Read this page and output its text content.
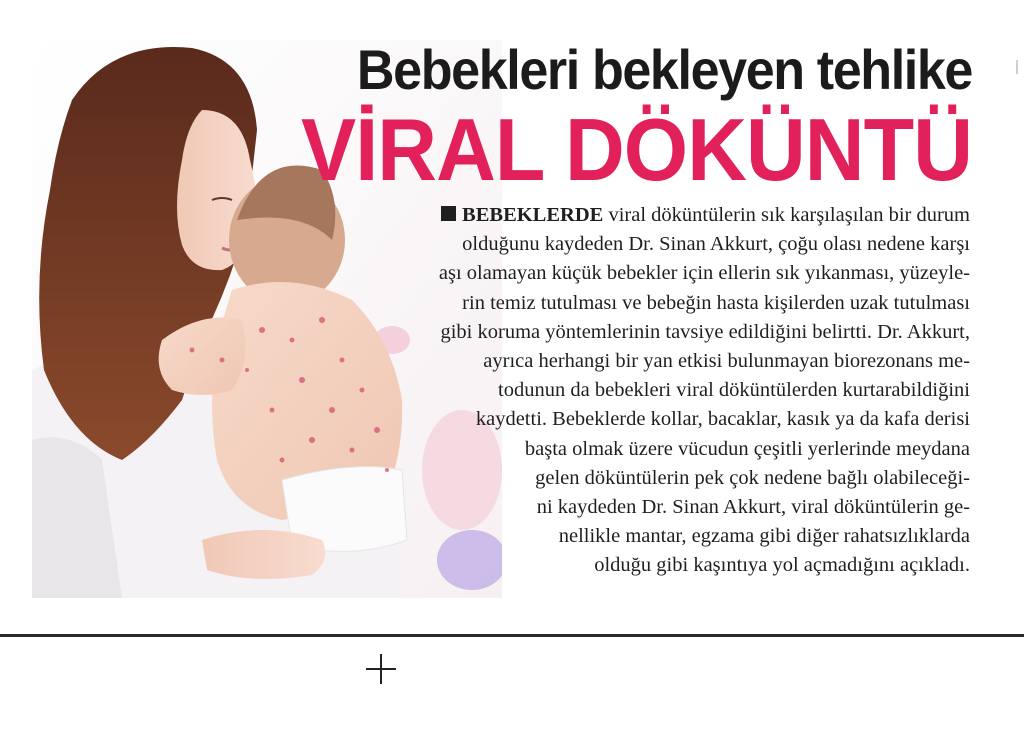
Bebekleri bekleyen tehlike
VİRAL DÖKÜNTÜ
BEBEKLERDE viral döküntülerin sık karşılaşılan bir durum
olduğunu kaydeden Dr. Sinan Akkurt, çoğu olası nedene karşı
aşı olamayan küçük bebekler için ellerin sık yıkanması, yüzeyle-
rin temiz tutulması ve bebeğin hasta kişilerden uzak tutulması
gibi koruma yöntemlerinin tavsiye edildiğini belirtti. Dr. Akkurt,
ayrıca herhangi bir yan etkisi bulunmayan biorezonans me-
todunun da bebekleri viral döküntülerden kurtarabildiğini
kaydetti. Bebeklerde kollar, bacaklar, kasık ya da kafa derisi
başta olmak üzere vücudun çeşitli yerlerinde meydana
gelen döküntülerin pek çok nedene bağlı olabileceği-
ni kaydeden Dr. Sinan Akkurt, viral döküntülerin ge-
nellikle mantar, egzama gibi diğer rahatsızlıklarda
olduğu gibi kaşıntıya yol açmadığını açıkladı.
